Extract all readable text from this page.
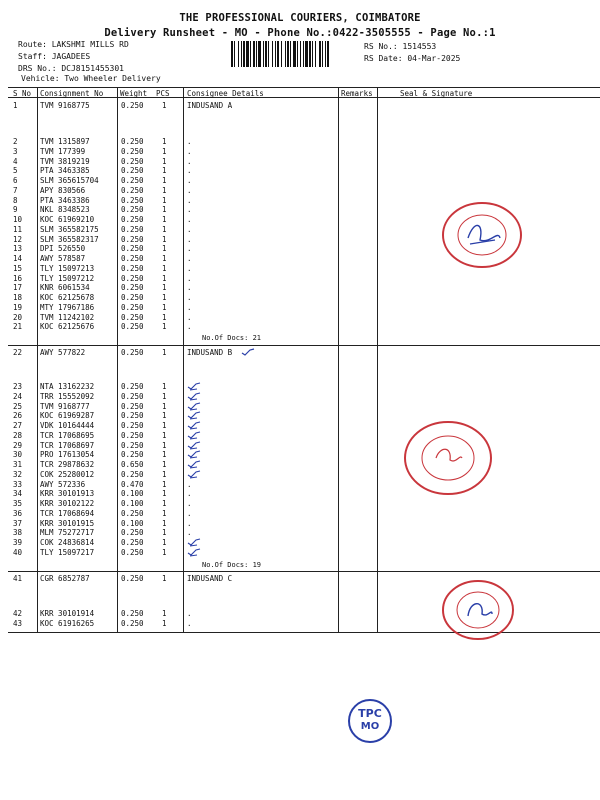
THE PROFESSIONAL COURIERS, COIMBATORE
Delivery Runsheet - MO - Phone No.:0422-3505555 - Page No.:1
Route: LAKSHMI MILLS RD
Staff: JAGADEES
DRS No.: DCJ8151455301
Vehicle: Two Wheeler Delivery
RS No.: 1514553
RS Date: 04-Mar-2025
S No Consignment No Weight PCS Consignee Details	Remarks	Seal & Signature
1	TVM 9168775	0.250 1	INDUSAND A
2	TVM 1315897	0.250 1	.
3	TVM 177399	0.250 1	.
4	TVM 3819219	0.250 1	.
5	PTA 3463385	0.250 1	.
6	SLM 365615704	0.250 1	.
7	APY 830566	0.250 1	.
8	PTA 3463386	0.250 1	.
9	NKL 8348523	0.250 1	.
10 KOC 61969210	0.250 1	.
11 SLM 365582175	0.250 1	.
12 SLM 365582317	0.250 1	.
13 DPI 526550	0.250 1	.
14 AWY 578587	0.250 1	.
15 TLY 15097213	0.250 1	.
16 TLY 15097212	0.250 1	.
17 KNR 6061534	0.250 1	.
18 KOC 62125678	0.250 1	.
19 MTY 17967186	0.250 1	.
20 TVM 11242102	0.250 1	.
21 KOC 62125676	0.250 1	.
No.Of Docs: 21
22 AWY 577822	0.250 1	INDUSAND B
23 NTA 13162232	0.250 1
24 TRR 15552092	0.250 1
25 TVM 9168777	0.250 1
26 KOC 61969287	0.250 1
27 VDK 10164444	0.250 1
28 TCR 17068695	0.250 1
29 TCR 17068697	0.250 1
30 PRO 17613054	0.250 1
31 TCR 29878632	0.650 1
32 COK 25280012	0.250 1
33 AWY 572336	0.470 1	.
34 KRR 30101913	0.100 1	.
35 KRR 30102122	0.100 1	.
36 TCR 17068694	0.250 1	.
37 KRR 30101915	0.100 1	.
38 MLM 75272717	0.250 1	.
39 COK 24836814	0.250 1
40 TLY 15097217	0.250 1
No.Of Docs: 19
41 CGR 6852787	0.250 1	INDUSAND C
42 KRR 30101914	0.250 1	.
43 KOC 61916265	0.250 1	.
TPC
MO
